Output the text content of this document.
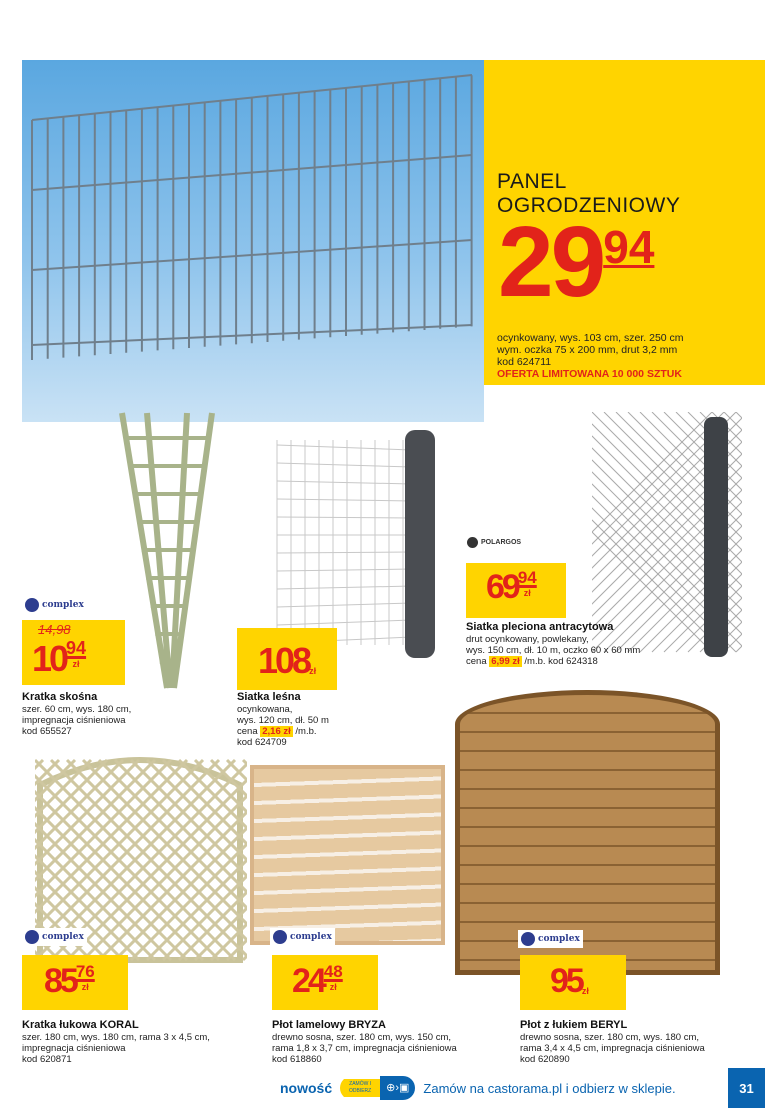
PANEL
OGRODZENIOWY
29 94
ocynkowany, wys. 103 cm, szer. 250 cm
wym. oczka 75 x 200 mm, drut 3,2 mm
kod 624711
OFERTA LIMITOWANA 10 000 SZTUK
complex
14,98
10 94
zł
Kratka skośna
szer. 60 cm, wys. 180 cm,
impregnacja ciśnieniowa
kod 655527
108 zł
Siatka leśna
ocynkowana,
wys. 120 cm, dł. 50 m
cena 2,16 zł /m.b.
kod 624709
POLARGOS
69 94
zł
Siatka pleciona antracytowa
drut ocynkowany, powlekany,
wys. 150 cm, dł. 10 m, oczko 60 x 60 mm
cena 6,99 zł /m.b. kod 624318
complex
85 76
zł
Kratka łukowa KORAL
szer. 180 cm, wys. 180 cm, rama 3 x 4,5 cm,
impregnacja ciśnieniowa
kod 620871
complex
24 48
zł
Płot lamelowy BRYZA
drewno sosna, szer. 180 cm, wys. 150 cm,
rama 1,8 x 3,7 cm, impregnacja ciśnieniowa
kod 618860
complex
95 zł
Płot z łukiem BERYL
drewno sosna, szer. 180 cm, wys. 180 cm,
rama 3,4 x 4,5 cm, impregnacja ciśnieniowa
kod 620890
nowość	ZAMÓW I ODBIERZ	⊕›▣	Zamów na castorama.pl i odbierz w sklepie.	31
